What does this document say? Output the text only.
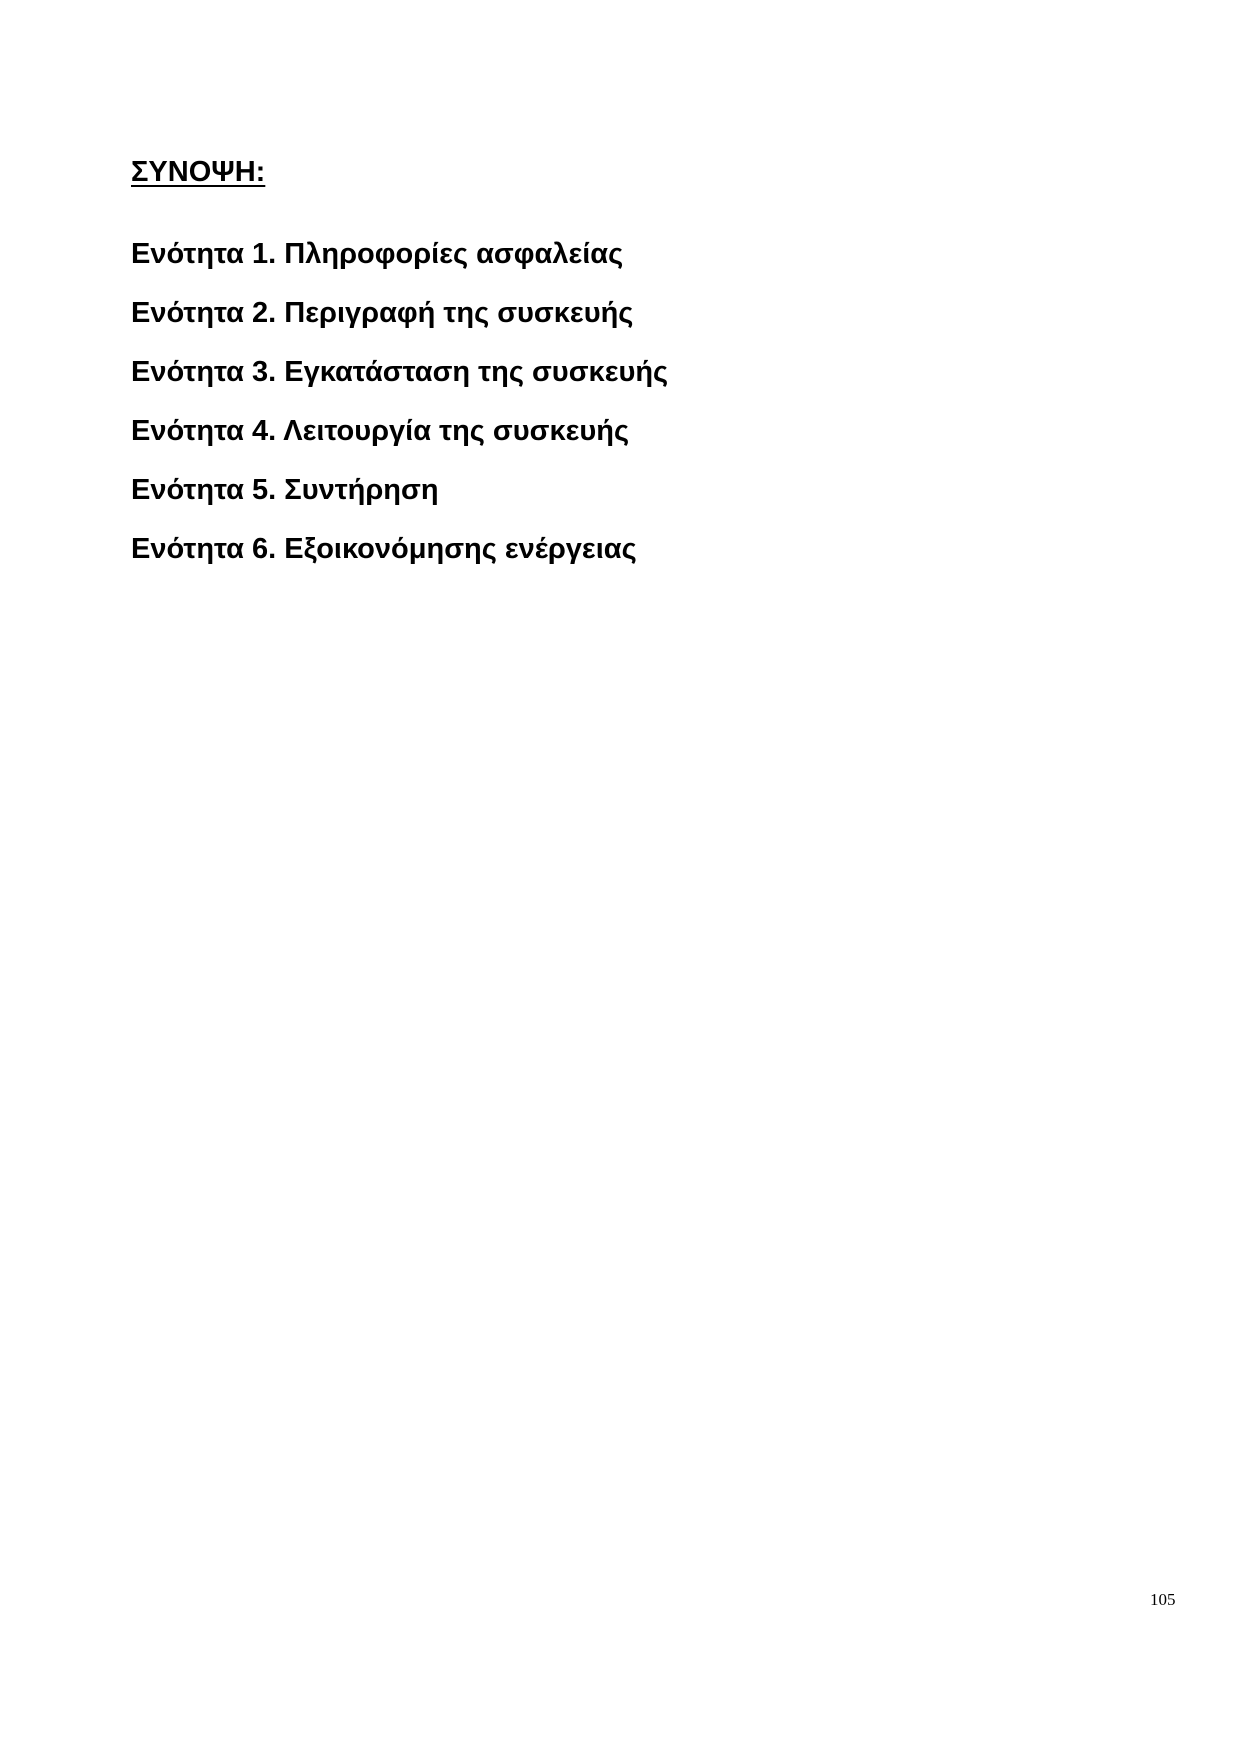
ΣΥΝΟΨΗ:
Ενότητα 1. Πληροφορίες ασφαλείας
Ενότητα 2. Περιγραφή της συσκευής
Ενότητα 3. Εγκατάσταση της συσκευής
Ενότητα 4. Λειτουργία της συσκευής
Ενότητα 5. Συντήρηση
Ενότητα 6. Εξοικονόμησης ενέργειας
105
